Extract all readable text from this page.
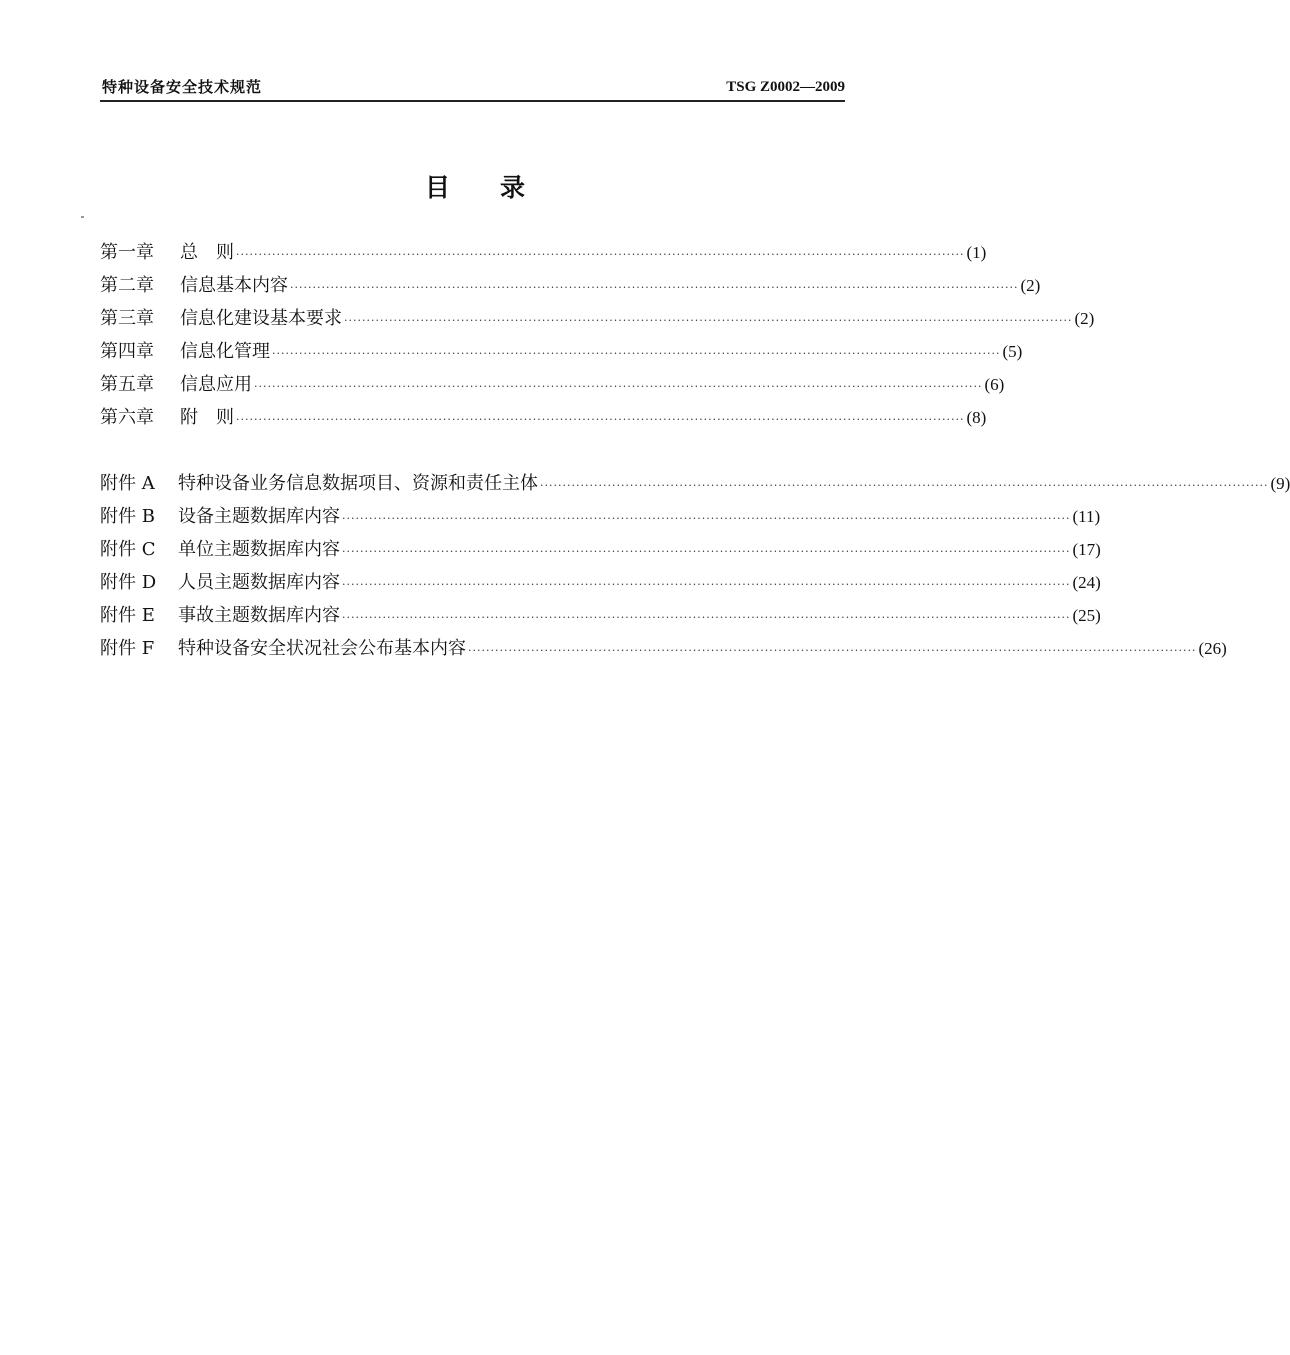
特种设备安全技术规范	TSG Z0002—2009
目 录
第一章	总　则 ·································································································································································· (1)
第二章	信息基本内容 ·································································································································································· (2)
第三章	信息化建设基本要求 ·································································································································································· (2)
第四章	信息化管理 ·································································································································································· (5)
第五章	信息应用 ·································································································································································· (6)
第六章	附　则 ·································································································································································· (8)
附件 A	特种设备业务信息数据项目、资源和责任主体 ·································································································································································· (9)
附件 B	设备主题数据库内容 ·································································································································································· (11)
附件 C	单位主题数据库内容 ·································································································································································· (17)
附件 D	人员主题数据库内容 ·································································································································································· (24)
附件 E	事故主题数据库内容 ·································································································································································· (25)
附件 F	特种设备安全状况社会公布基本内容 ·································································································································································· (26)
